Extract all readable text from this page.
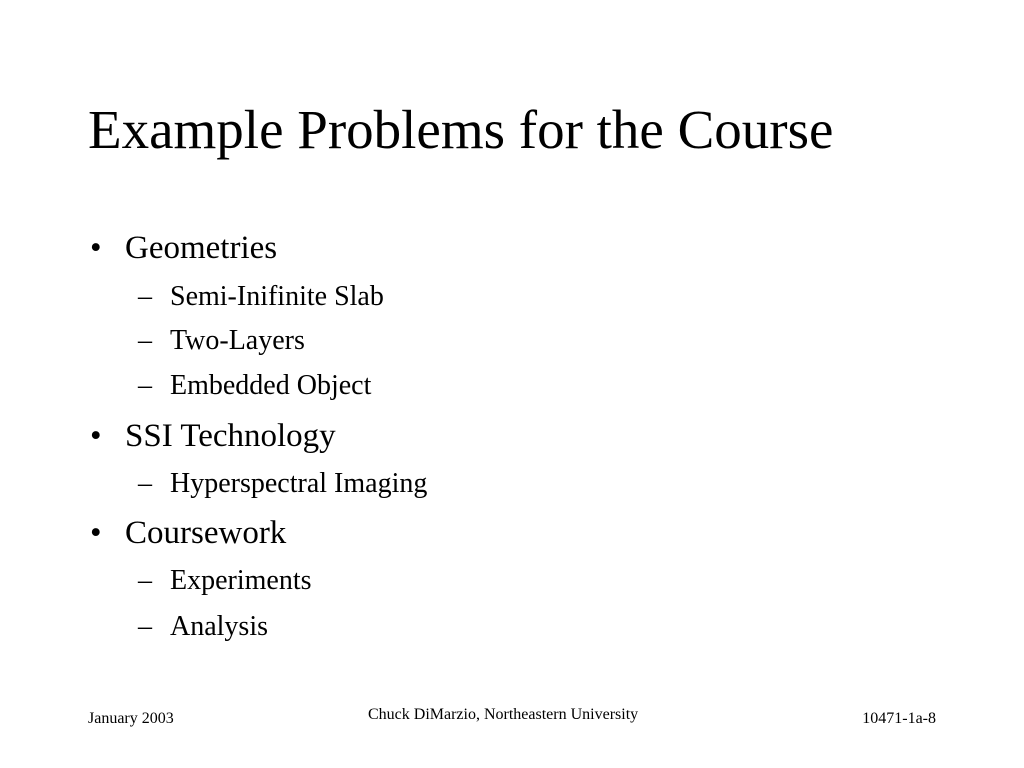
Example Problems for the Course
• Geometries
– Semi-Inifinite Slab
– Two-Layers
– Embedded Object
• SSI Technology
– Hyperspectral Imaging
• Coursework
– Experiments
– Analysis
January 2003	Chuck DiMarzio, Northeastern University	10471-1a-8
